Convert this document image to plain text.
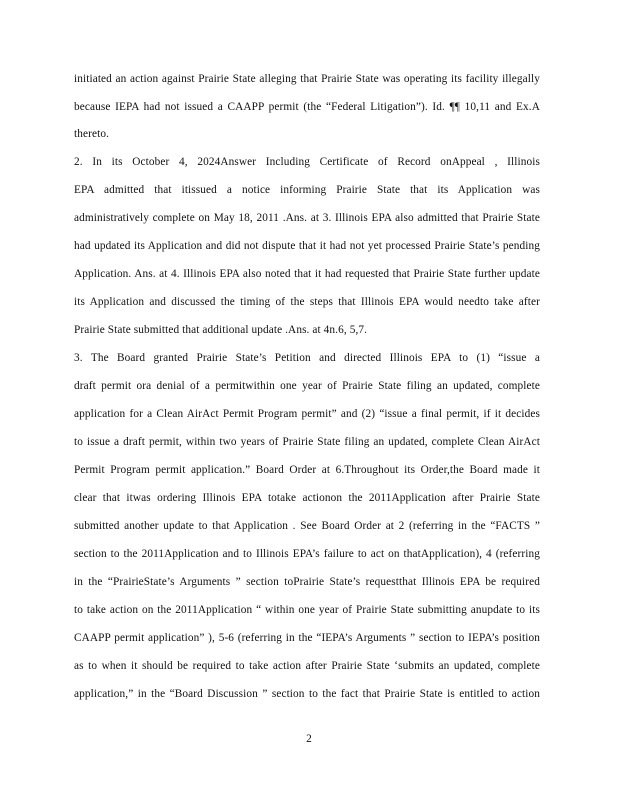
initiated an action against Prairie State alleging that Prairie State was operating its facility illegally
because IEPA had not issued a CAAPP permit (the “Federal Litigation”). Id. ¶¶ 10,11 and Ex.A
thereto.
2. In its October 4, 2024Answer Including Certificate of Record onAppeal , Illinois
EPA admitted that itissued a notice informing Prairie State that its Application was
administratively complete on May 18, 2011 .Ans. at 3. Illinois EPA also admitted that Prairie State
had updated its Application and did not dispute that it had not yet processed Prairie State’s pending
Application. Ans. at 4. Illinois EPA also noted that it had requested that Prairie State further update
its Application and discussed the timing of the steps that Illinois EPA would needto take after
Prairie State submitted that additional update .Ans. at 4n.6, 5,7.
3. The Board granted Prairie State’s Petition and directed Illinois EPA to (1) “issue a
draft permit ora denial of a permitwithin one year of Prairie State filing an updated, complete
application for a Clean AirAct Permit Program permit” and (2) “issue a final permit, if it decides
to issue a draft permit, within two years of Prairie State filing an updated, complete Clean AirAct
Permit Program permit application.” Board Order at 6.Throughout its Order,the Board made it
clear that itwas ordering Illinois EPA totake actionon the 2011Application after Prairie State
submitted another update to that Application . See Board Order at 2 (referring in the “FACTS ”
section to the 2011Application and to Illinois EPA’s failure to act on thatApplication), 4 (referring
in the “PrairieState’s Arguments ” section toPrairie State’s requestthat Illinois EPA be required
to take action on the 2011Application “ within one year of Prairie State submitting anupdate to its
CAAPP permit application” ), 5-6 (referring in the “IEPA’s Arguments ” section to IEPA’s position
as to when it should be required to take action after Prairie State ‘submits an updated, complete
application,” in the “Board Discussion ” section to the fact that Prairie State is entitled to action
2
